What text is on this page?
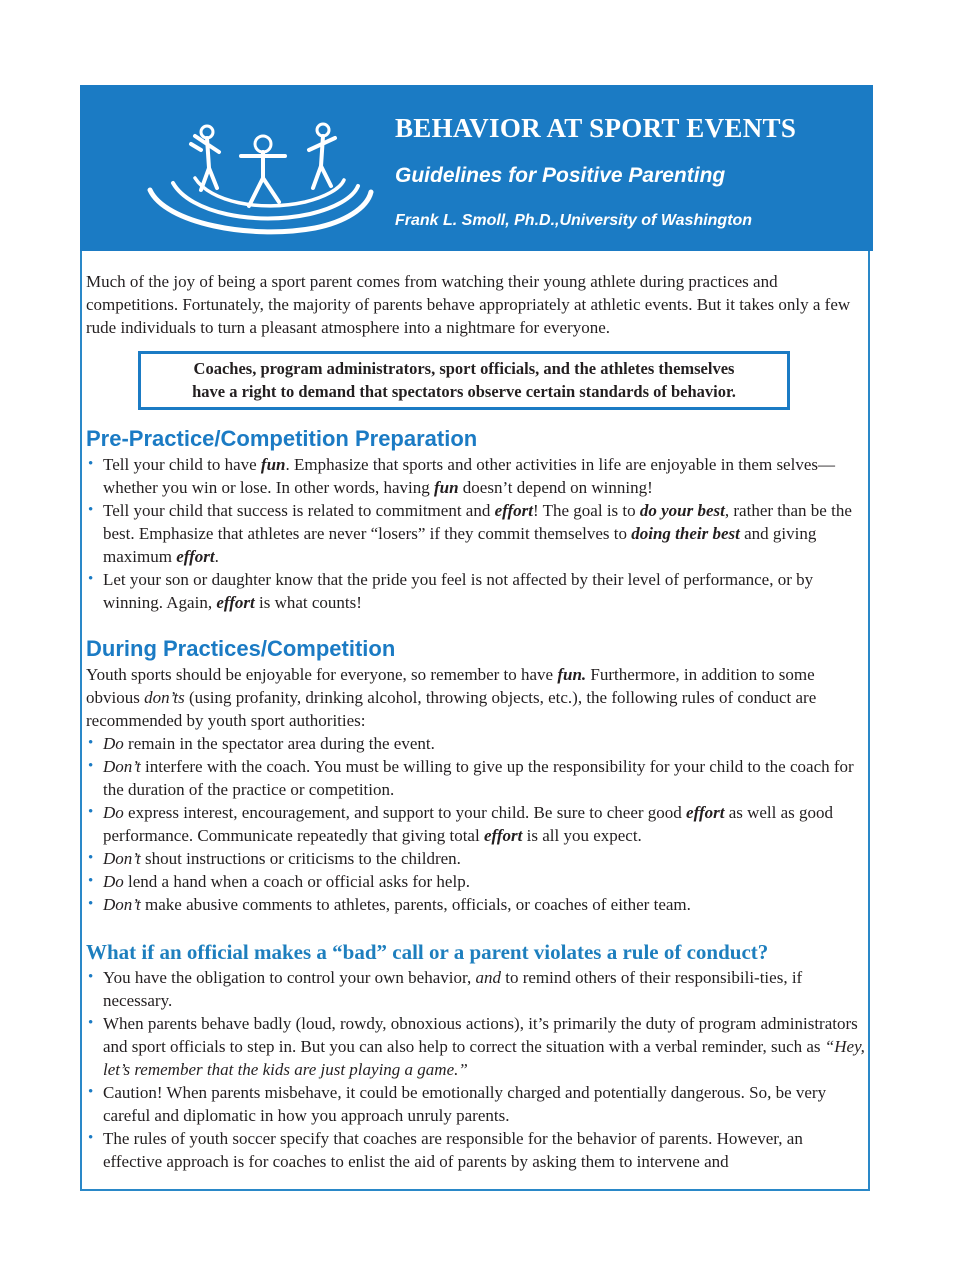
BEHAVIOR AT SPORT EVENTS

Guidelines for Positive Parenting

Frank L. Smoll, Ph.D.,University of Washington

Much of the joy of being a sport parent comes from watching their young athlete during practices and competitions. Fortunately, the majority of parents behave appropriately at athletic events. But it takes only a few rude individuals to turn a pleasant atmosphere into a nightmare for everyone.

Coaches, program administrators, sport officials, and the athletes themselves
have a right to demand that spectators observe certain standards of behavior.
Pre-Practice/Competition Preparation
• Tell your child to have fun. Emphasize that sports and other activities in life are enjoyable in them selves—whether you win or lose. In other words, having fun doesn’t depend on winning!
• Tell your child that success is related to commitment and effort! The goal is to do your best, rather than be the best. Emphasize that athletes are never “losers” if they commit themselves to doing their best and giving maximum effort.
• Let your son or daughter know that the pride you feel is not affected by their level of performance, or by winning. Again, effort is what counts!
During Practices/Competition

Youth sports should be enjoyable for everyone, so remember to have fun. Furthermore, in addition to some obvious don’ts (using profanity, drinking alcohol, throwing objects, etc.), the following rules of conduct are recommended by youth sport authorities:

• Do remain in the spectator area during the event.
• Don’t interfere with the coach. You must be willing to give up the responsibility for your child to the coach for the duration of the practice or competition.
• Do express interest, encouragement, and support to your child. Be sure to cheer good effort as well as good performance. Communicate repeatedly that giving total effort is all you expect.
• Don’t shout instructions or criticisms to the children.
• Do lend a hand when a coach or official asks for help.
• Don’t make abusive comments to athletes, parents, officials, or coaches of either team.
What if an official makes a “bad” call or a parent violates a rule of conduct?
• You have the obligation to control your own behavior, and to remind others of their responsibili-ties, if necessary.
• When parents behave badly (loud, rowdy, obnoxious actions), it’s primarily the duty of program administrators and sport officials to step in. But you can also help to correct the situation with a verbal reminder, such as “Hey, let’s remember that the kids are just playing a game.”
• Caution! When parents misbehave, it could be emotionally charged and potentially dangerous. So, be very careful and diplomatic in how you approach unruly parents.
• The rules of youth soccer specify that coaches are responsible for the behavior of parents. However, an effective approach is for coaches to enlist the aid of parents by asking them to intervene and
